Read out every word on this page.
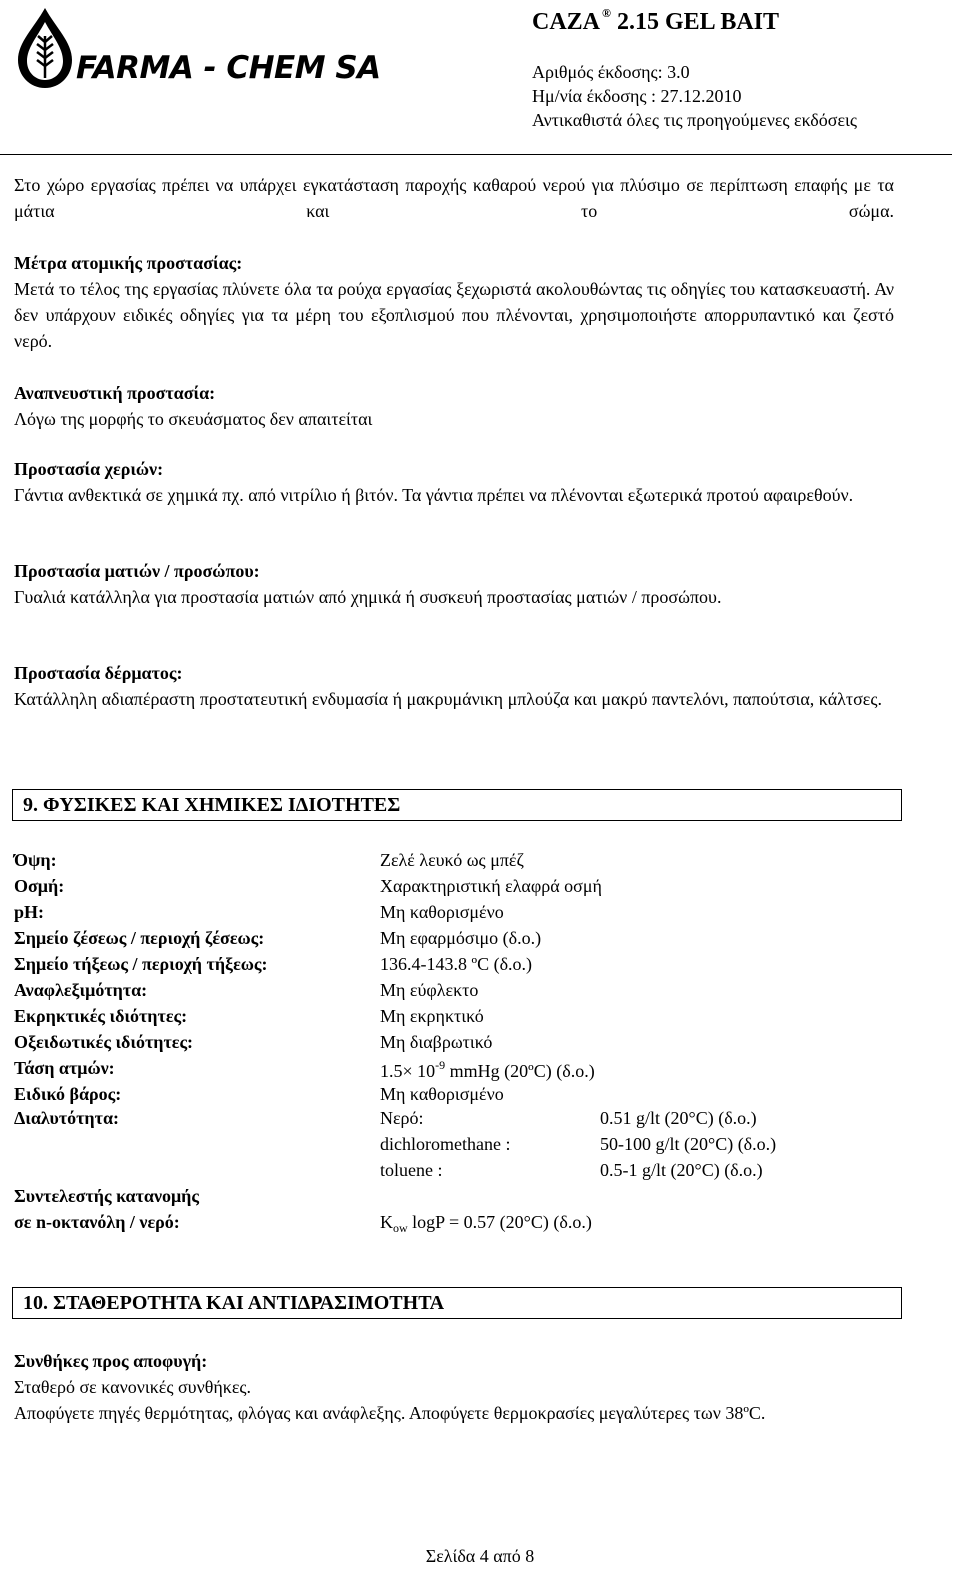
FARMA - CHEM SA
CAZA ® 2.15 GEL BAIT
Αριθμός έκδοσης: 3.0
Ημ/νία έκδοσης : 27.12.2010
Αντικαθιστά όλες τις προηγούμενες εκδόσεις
Στο χώρο εργασίας πρέπει να υπάρχει εγκατάσταση παροχής καθαρού νερού για πλύσιμο σε περίπτωση επαφής με τα μάτια και το σώμα.
Μέτρα ατομικής προστασίας:
Μετά το τέλος της εργασίας πλύνετε όλα τα ρούχα εργασίας ξεχωριστά ακολουθώντας τις οδηγίες του κατασκευαστή. Αν δεν υπάρχουν ειδικές οδηγίες για τα μέρη του εξοπλισμού που πλένονται, χρησιμοποιήστε απορρυπαντικό και ζεστό νερό.
Αναπνευστική προστασία:
Λόγω της μορφής το σκευάσματος δεν απαιτείται
Προστασία χεριών:
Γάντια ανθεκτικά σε χημικά πχ. από νιτρίλιο ή βιτόν. Τα γάντια πρέπει να πλένονται εξωτερικά προτού αφαιρεθούν.
Προστασία ματιών / προσώπου:
Γυαλιά κατάλληλα για προστασία ματιών από χημικά ή συσκευή προστασίας ματιών / προσώπου.
Προστασία δέρματος:
Κατάλληλη αδιαπέραστη προστατευτική ενδυμασία ή μακρυμάνικη μπλούζα και μακρύ παντελόνι, παπούτσια, κάλτσες.
9. ΦΥΣΙΚΕΣ ΚΑΙ ΧΗΜΙΚΕΣ ΙΔΙΟΤΗΤΕΣ
Όψη:	Ζελέ λευκό ως μπέζ
Οσμή:	Χαρακτηριστική ελαφρά οσμή
pH:	Μη καθορισμένο
Σημείο ζέσεως / περιοχή ζέσεως:	Μη εφαρμόσιμο (δ.ο.)
Σημείο τήξεως / περιοχή τήξεως:	136.4-143.8 ºC (δ.ο.)
Αναφλεξιμότητα:	Μη εύφλεκτο
Εκρηκτικές ιδιότητες:	Μη εκρηκτικό
Οξειδωτικές ιδιότητες:	Μη διαβρωτικό
Τάση ατμών:	$1.5\times 10^{-9}$ mmHg (20ºC) (δ.ο.)
Ειδικό βάρος:	Μη καθορισμένο
Διαλυτότητα:	Νερό:	0.51 g/lt (20°C) (δ.ο.)
dichloromethane :	50-100 g/lt (20°C) (δ.ο.)
toluene :	0.5-1 g/lt (20°C) (δ.ο.)
Συντελεστής κατανομής
σε n-οκτανόλη / νερό:	$K_{ow}$ logP = 0.57 (20°C) (δ.ο.)
10. ΣΤΑΘΕΡΟΤΗΤΑ ΚΑΙ ΑΝΤΙΔΡΑΣΙΜΟΤΗΤΑ
Συνθήκες προς αποφυγή:
Σταθερό σε κανονικές συνθήκες.
Αποφύγετε πηγές θερμότητας, φλόγας και ανάφλεξης. Αποφύγετε θερμοκρασίες μεγαλύτερες των 38ºC.
Σελίδα 4 από 8
